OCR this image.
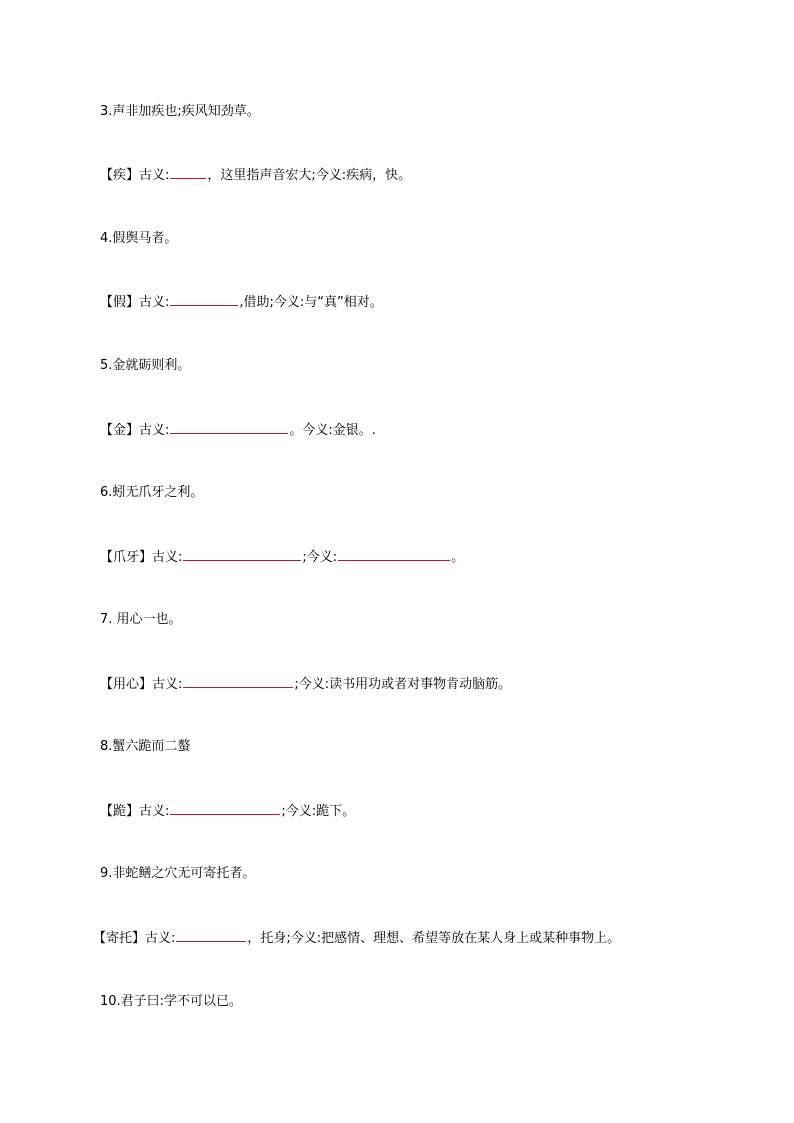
3.声非加疾也;疾风知劲草。
【疾】古义:	，这里指声音宏大;今义:疾病，快。
4.假舆马者。
【假】古义:	,借助;今义:与“真”相对。
5.金就砺则利。
【金】古义:	。今义:金银。.
6.蚓无爪牙之利。
【爪牙】古义:	;今义:	。
7. 用心一也。
【用心】古义:	;今义:读书用功或者对事物肯动脑筋。
8.蟹六跪而二螯
【跪】古义:	;今义:跪下。
9.非蛇鳝之穴无可寄托者。
【寄托】古义:	，托身;今义:把感情、理想、希望等放在某人身上或某种事物上。
10.君子曰:学不可以已。
